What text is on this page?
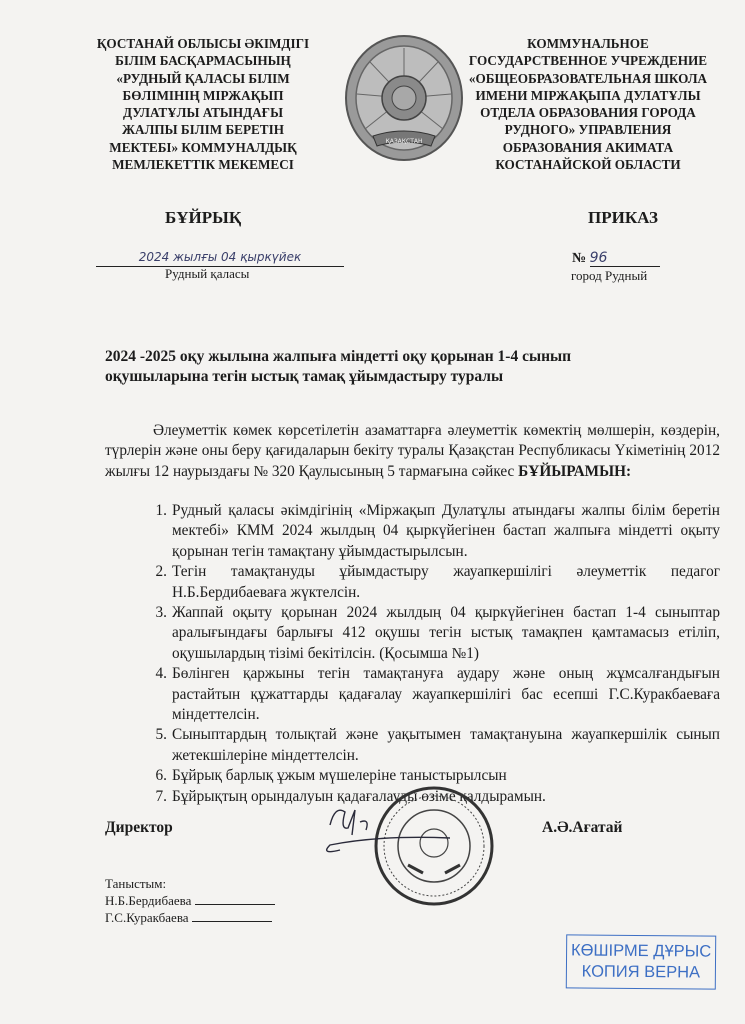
ҚОСТАНАЙ ОБЛЫСЫ ӘКІМДІГІ
БІЛІМ БАСҚАРМАСЫНЫҢ
«РУДНЫЙ ҚАЛАСЫ БІЛІМ
БӨЛІМІНІҢ МІРЖАҚЫП
ДУЛАТҰЛЫ АТЫНДАҒЫ
ЖАЛПЫ БІЛІМ БЕРЕТІН
МЕКТЕБІ» КОММУНАЛДЫҚ
МЕМЛЕКЕТТІК МЕКЕМЕСІ
ҚАЗАҚСТАН
КОММУНАЛЬНОЕ
ГОСУДАРСТВЕННОЕ УЧРЕЖДЕНИЕ
«ОБЩЕОБРАЗОВАТЕЛЬНАЯ ШКОЛА
ИМЕНИ МІРЖАҚЫПА ДУЛАТҰЛЫ
ОТДЕЛА ОБРАЗОВАНИЯ ГОРОДА
РУДНОГО» УПРАВЛЕНИЯ
ОБРАЗОВАНИЯ АКИМАТА
КОСТАНАЙСКОЙ ОБЛАСТИ
БҰЙРЫҚ	ПРИКАЗ
2024 жылғы 04 қыркүйек
Рудный қаласы
№ 96
город Рудный
2024 -2025 оқу жылына жалпыға міндетті оқу қорынан 1-4 сынып
оқушыларына тегін ыстық тамақ ұйымдастыру туралы
Әлеуметтік көмек көрсетілетін азаматтарға әлеуметтік көмектің мөлшерін, көздерін, түрлерін және оны беру қағидаларын бекіту туралы Қазақстан Республикасы Үкіметінің 2012 жылғы 12 наурыздағы № 320 Қаулысының 5 тармағына сәйкес БҰЙЫРАМЫН:
1. Рудный қаласы әкімдігінің «Міржақып Дулатұлы атындағы жалпы білім беретін мектебі» КММ 2024 жылдың 04 қыркүйегінен бастап жалпыға міндетті оқыту қорынан тегін тамақтану ұйымдастырылсын.
2. Тегін тамақтануды ұйымдастыру жауапкершілігі әлеуметтік педагог Н.Б.Бердибаеваға жүктелсін.
3. Жаппай оқыту қорынан 2024 жылдың 04 қыркүйегінен бастап 1-4 сыныптар аралығындағы барлығы 412 оқушы тегін ыстық тамақпен қамтамасыз етіліп, оқушылардың тізімі бекітілсін. (Қосымша №1)
4. Бөлінген қаржыны тегін тамақтануға аудару және оның жұмсалғандығын растайтын құжаттарды қадағалау жауапкершілігі бас есепші Г.С.Куракбаеваға міндеттелсін.
5. Сыныптардың толықтай және уақытымен тамақтануына жауапкершілік сынып жетекшілеріне міндеттелсін.
6. Бұйрық барлық ұжым мүшелеріне таныстырылсын
7. Бұйрықтың орындалуын қадағалауды өзіме қалдырамын.
Директор	А.Ә.Ағатай
Таныстым:
Н.Б.Бердибаева
Г.С.Куракбаева
КӨШІРМЕ ДҰРЫС
КОПИЯ ВЕРНА
